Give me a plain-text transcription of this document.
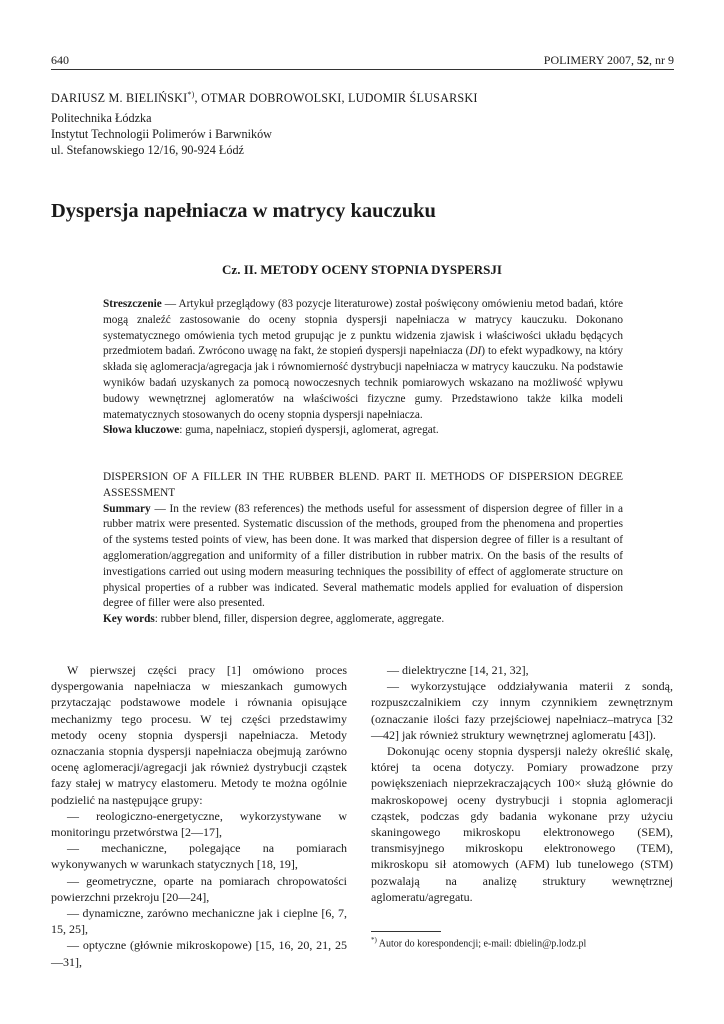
640	POLIMERY 2007, 52, nr 9
DARIUSZ M. BIELIŃSKI*), OTMAR DOBROWOLSKI, LUDOMIR ŚLUSARSKI
Politechnika Łódzka
Instytut Technologii Polimerów i Barwników
ul. Stefanowskiego 12/16, 90-924 Łódź
Dyspersja napełniacza w matrycy kauczuku
Cz. II. METODY OCENY STOPNIA DYSPERSJI

Streszczenie — Artykuł przeglądowy (83 pozycje literaturowe) został poświęcony omówieniu metod badań, które mogą znaleźć zastosowanie do oceny stopnia dyspersji napełniacza w matrycy kauczuku. Dokonano systematycznego omówienia tych metod grupując je z punktu widzenia zjawisk i właściwości układu będących przedmiotem badań. Zwrócono uwagę na fakt, że stopień dyspersji napełniacza (DI) to efekt wypadkowy, na który składa się aglomeracja/agregacja jak i równomierność dystrybucji napełniacza w matrycy kauczuku. Na podstawie wyników badań uzyskanych za pomocą nowoczesnych technik pomiarowych wskazano na możliwość wpływu budowy wewnętrznej aglomeratów na właściwości fizyczne gumy. Przedstawiono także kilka modeli matematycznych stosowanych do oceny stopnia dyspersji napełniacza.

Słowa kluczowe: guma, napełniacz, stopień dyspersji, aglomerat, agregat.

DISPERSION OF A FILLER IN THE RUBBER BLEND. PART II. METHODS OF DISPERSION DEGREE ASSESSMENT

Summary — In the review (83 references) the methods useful for assessment of dispersion degree of filler in a rubber matrix were presented. Systematic discussion of the methods, grouped from the phenomena and properties of the systems tested points of view, has been done. It was marked that dispersion degree of filler is a resultant of agglomeration/aggregation and uniformity of a filler distribution in rubber matrix. On the basis of the results of investigations carried out using modern measuring techniques the possibility of effect of agglomerate structure on physical properties of a rubber was indicated. Several mathematic models applied for evaluation of dispersion degree of filler were also presented.

Key words: rubber blend, filler, dispersion degree, agglomerate, aggregate.

W pierwszej części pracy [1] omówiono proces dyspergowania napełniacza w mieszankach gumowych przytaczając podstawowe modele i równania opisujące mechanizmy tego procesu. W tej części przedstawimy metody oceny stopnia dyspersji napełniacza. Metody oznaczania stopnia dyspersji napełniacza obejmują zarówno ocenę aglomeracji/agregacji jak również dystrybucji cząstek fazy stałej w matrycy elastomeru. Metody te można ogólnie podzielić na następujące grupy:

— reologiczno-energetyczne, wykorzystywane w monitoringu przetwórstwa [2—17],

— mechaniczne, polegające na pomiarach wykonywanych w warunkach statycznych [18, 19],

— geometryczne, oparte na pomiarach chropowatości powierzchni przekroju [20—24],

— dynamiczne, zarówno mechaniczne jak i cieplne [6, 7, 15, 25],

— optyczne (głównie mikroskopowe) [15, 16, 20, 21, 25—31],

— dielektryczne [14, 21, 32],

— wykorzystujące oddziaływania materii z sondą, rozpuszczalnikiem czy innym czynnikiem zewnętrznym (oznaczanie ilości fazy przejściowej napełniacz–matryca [32—42] jak również struktury wewnętrznej aglomeratu [43]).

Dokonując oceny stopnia dyspersji należy określić skalę, której ta ocena dotyczy. Pomiary prowadzone przy powiększeniach nieprzekraczających 100× służą głównie do makroskopowej oceny dystrybucji i stopnia aglomeracji cząstek, podczas gdy badania wykonane przy użyciu skaningowego mikroskopu elektronowego (SEM), transmisyjnego mikroskopu elektronowego (TEM), mikroskopu sił atomowych (AFM) lub tunelowego (STM) pozwalają na analizę struktury wewnętrznej aglomeratu/agregatu.

*) Autor do korespondencji; e-mail: dbielin@p.lodz.pl
